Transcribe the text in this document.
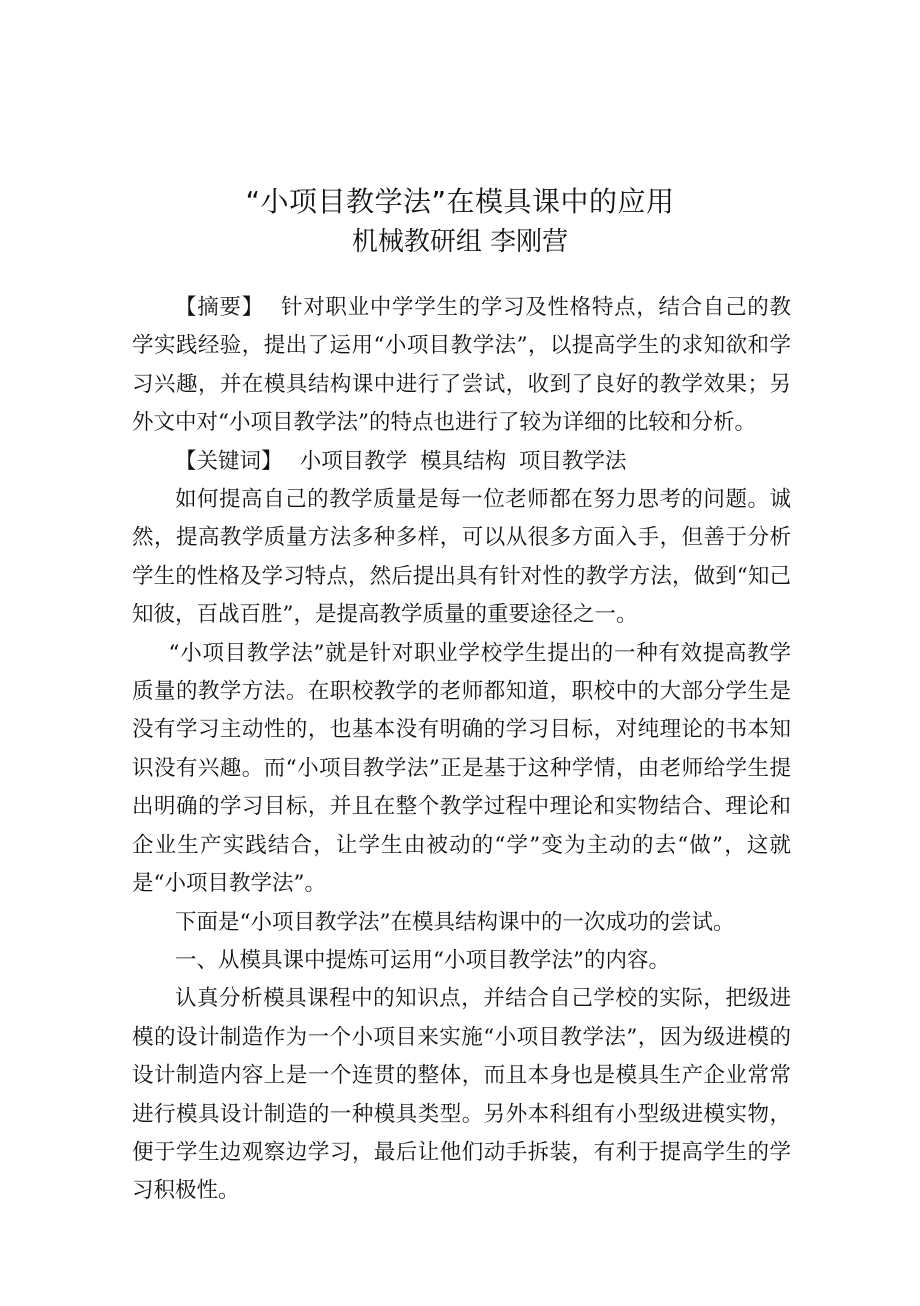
“小项目教学法”在模具课中的应用
机械教研组 李刚营

【摘要】 针对职业中学学生的学习及性格特点，结合自己的教学实践经验，提出了运用“小项目教学法”，以提高学生的求知欲和学习兴趣，并在模具结构课中进行了尝试，收到了良好的教学效果；另外文中对“小项目教学法”的特点也进行了较为详细的比较和分析。

【关键词】 小项目教学 模具结构 项目教学法

如何提高自己的教学质量是每一位老师都在努力思考的问题。诚然，提高教学质量方法多种多样，可以从很多方面入手，但善于分析学生的性格及学习特点，然后提出具有针对性的教学方法，做到“知己知彼，百战百胜”，是提高教学质量的重要途径之一。

“小项目教学法”就是针对职业学校学生提出的一种有效提高教学质量的教学方法。在职校教学的老师都知道，职校中的大部分学生是没有学习主动性的，也基本没有明确的学习目标，对纯理论的书本知识没有兴趣。而“小项目教学法”正是基于这种学情，由老师给学生提出明确的学习目标，并且在整个教学过程中理论和实物结合、理论和企业生产实践结合，让学生由被动的“学”变为主动的去“做”，这就是“小项目教学法”。

下面是“小项目教学法”在模具结构课中的一次成功的尝试。

一、从模具课中提炼可运用“小项目教学法”的内容。

认真分析模具课程中的知识点，并结合自己学校的实际，把级进模的设计制造作为一个小项目来实施“小项目教学法”，因为级进模的设计制造内容上是一个连贯的整体，而且本身也是模具生产企业常常进行模具设计制造的一种模具类型。另外本科组有小型级进模实物，便于学生边观察边学习，最后让他们动手拆装，有利于提高学生的学习积极性。
